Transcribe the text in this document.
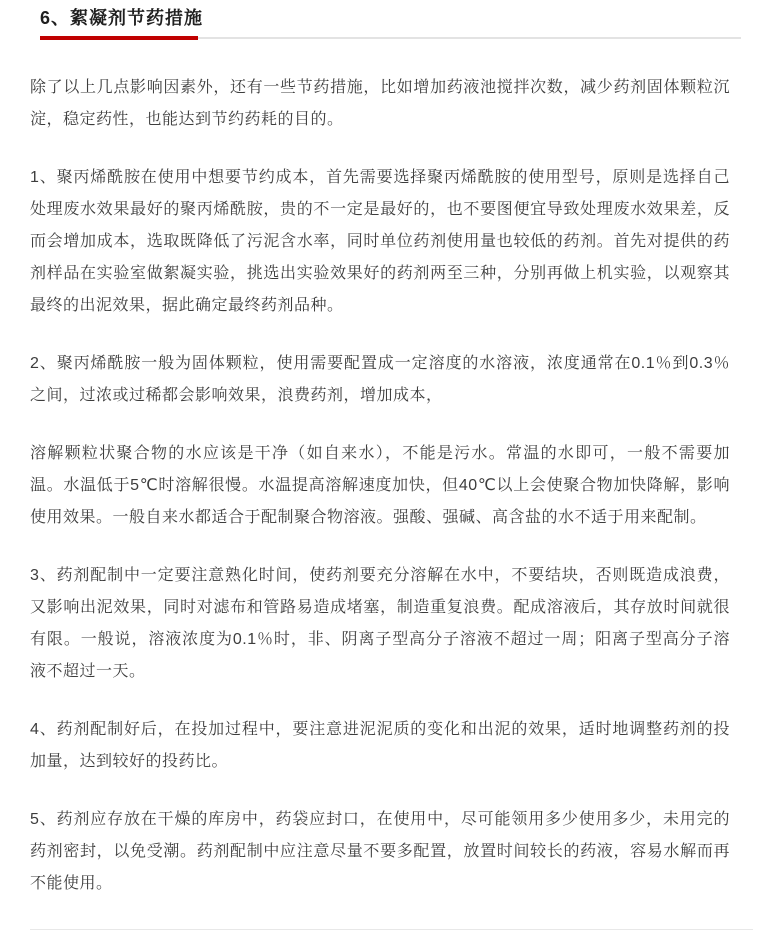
6、絮凝剂节药措施

除了以上几点影响因素外，还有一些节药措施，比如增加药液池搅拌次数，减少药剂固体颗粒沉淀，稳定药性，也能达到节约药耗的目的。

1、聚丙烯酰胺在使用中想要节约成本，首先需要选择聚丙烯酰胺的使用型号，原则是选择自己处理废水效果最好的聚丙烯酰胺，贵的不一定是最好的，也不要图便宜导致处理废水效果差，反而会增加成本，选取既降低了污泥含水率，同时单位药剂使用量也较低的药剂。首先对提供的药剂样品在实验室做絮凝实验，挑选出实验效果好的药剂两至三种，分别再做上机实验，以观察其最终的出泥效果，据此确定最终药剂品种。

2、聚丙烯酰胺一般为固体颗粒，使用需要配置成一定溶度的水溶液，浓度通常在0.1％到0.3％之间，过浓或过稀都会影响效果，浪费药剂，增加成本，

溶解颗粒状聚合物的水应该是干净（如自来水），不能是污水。常温的水即可，一般不需要加温。水温低于5℃时溶解很慢。水温提高溶解速度加快，但40℃以上会使聚合物加快降解，影响使用效果。一般自来水都适合于配制聚合物溶液。强酸、强碱、高含盐的水不适于用来配制。

3、药剂配制中一定要注意熟化时间，使药剂要充分溶解在水中，不要结块，否则既造成浪费，又影响出泥效果，同时对滤布和管路易造成堵塞，制造重复浪费。配成溶液后，其存放时间就很有限。一般说，溶液浓度为0.1％时，非、阴离子型高分子溶液不超过一周；阳离子型高分子溶液不超过一天。

4、药剂配制好后，在投加过程中，要注意进泥泥质的变化和出泥的效果，适时地调整药剂的投加量，达到较好的投药比。

5、药剂应存放在干燥的库房中，药袋应封口，在使用中，尽可能领用多少使用多少，未用完的药剂密封，以免受潮。药剂配制中应注意尽量不要多配置，放置时间较长的药液，容易水解而再不能使用。
